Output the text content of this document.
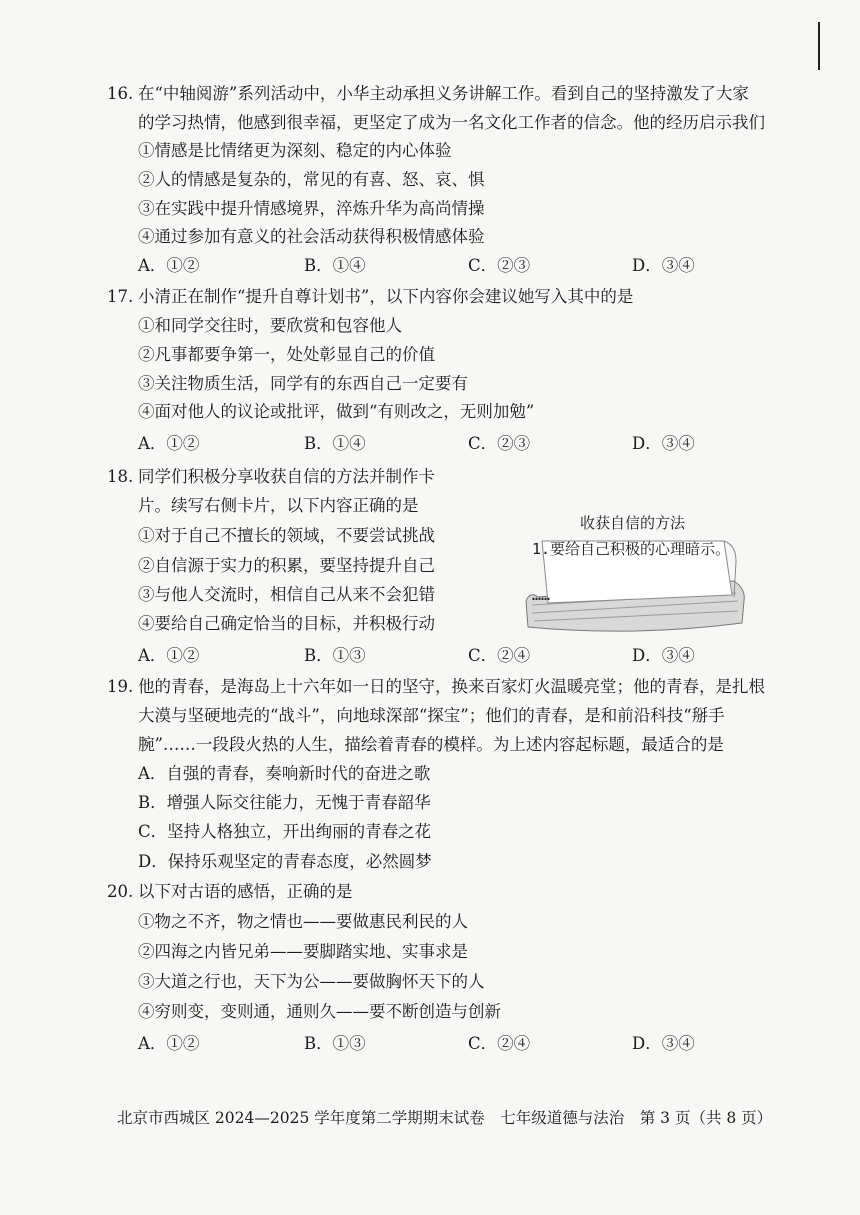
16. 在“中轴阅游”系列活动中，小华主动承担义务讲解工作。看到自己的坚持激发了大家
的学习热情，他感到很幸福，更坚定了成为一名文化工作者的信念。他的经历启示我们
①情感是比情绪更为深刻、稳定的内心体验
②人的情感是复杂的，常见的有喜、怒、哀、惧
③在实践中提升情感境界，淬炼升华为高尚情操
④通过参加有意义的社会活动获得积极情感体验
A．①②	B．①④	C．②③	D．③④
17. 小清正在制作“提升自尊计划书”，以下内容你会建议她写入其中的是
①和同学交往时，要欣赏和包容他人
②凡事都要争第一，处处彰显自己的价值
③关注物质生活，同学有的东西自己一定要有
④面对他人的议论或批评，做到“有则改之，无则加勉”
A．①②	B．①④	C．②③	D．③④
18. 同学们积极分享收获自信的方法并制作卡
片。续写右侧卡片，以下内容正确的是
①对于自己不擅长的领域，不要尝试挑战
②自信源于实力的积累，要坚持提升自己
③与他人交流时，相信自己从来不会犯错
④要给自己确定恰当的目标，并积极行动
A．①②	B．①③	C．②④	D．③④
收获自信的方法
1.要给自己积极的心理暗示。
……
19. 他的青春，是海岛上十六年如一日的坚守，换来百家灯火温暖亮堂；他的青春，是扎根
大漠与坚硬地壳的“战斗”，向地球深部“探宝”；他们的青春，是和前沿科技“掰手
腕”……一段段火热的人生，描绘着青春的模样。为上述内容起标题，最适合的是
A．自强的青春，奏响新时代的奋进之歌
B．增强人际交往能力，无愧于青春韶华
C．坚持人格独立，开出绚丽的青春之花
D．保持乐观坚定的青春态度，必然圆梦
20. 以下对古语的感悟，正确的是
①物之不齐，物之情也——要做惠民利民的人
②四海之内皆兄弟——要脚踏实地、实事求是
③大道之行也，天下为公——要做胸怀天下的人
④穷则变，变则通，通则久——要不断创造与创新
A．①②	B．①③	C．②④	D．③④
北京市西城区 2024—2025 学年度第二学期期末试卷　七年级道德与法治　第 3 页（共 8 页）
